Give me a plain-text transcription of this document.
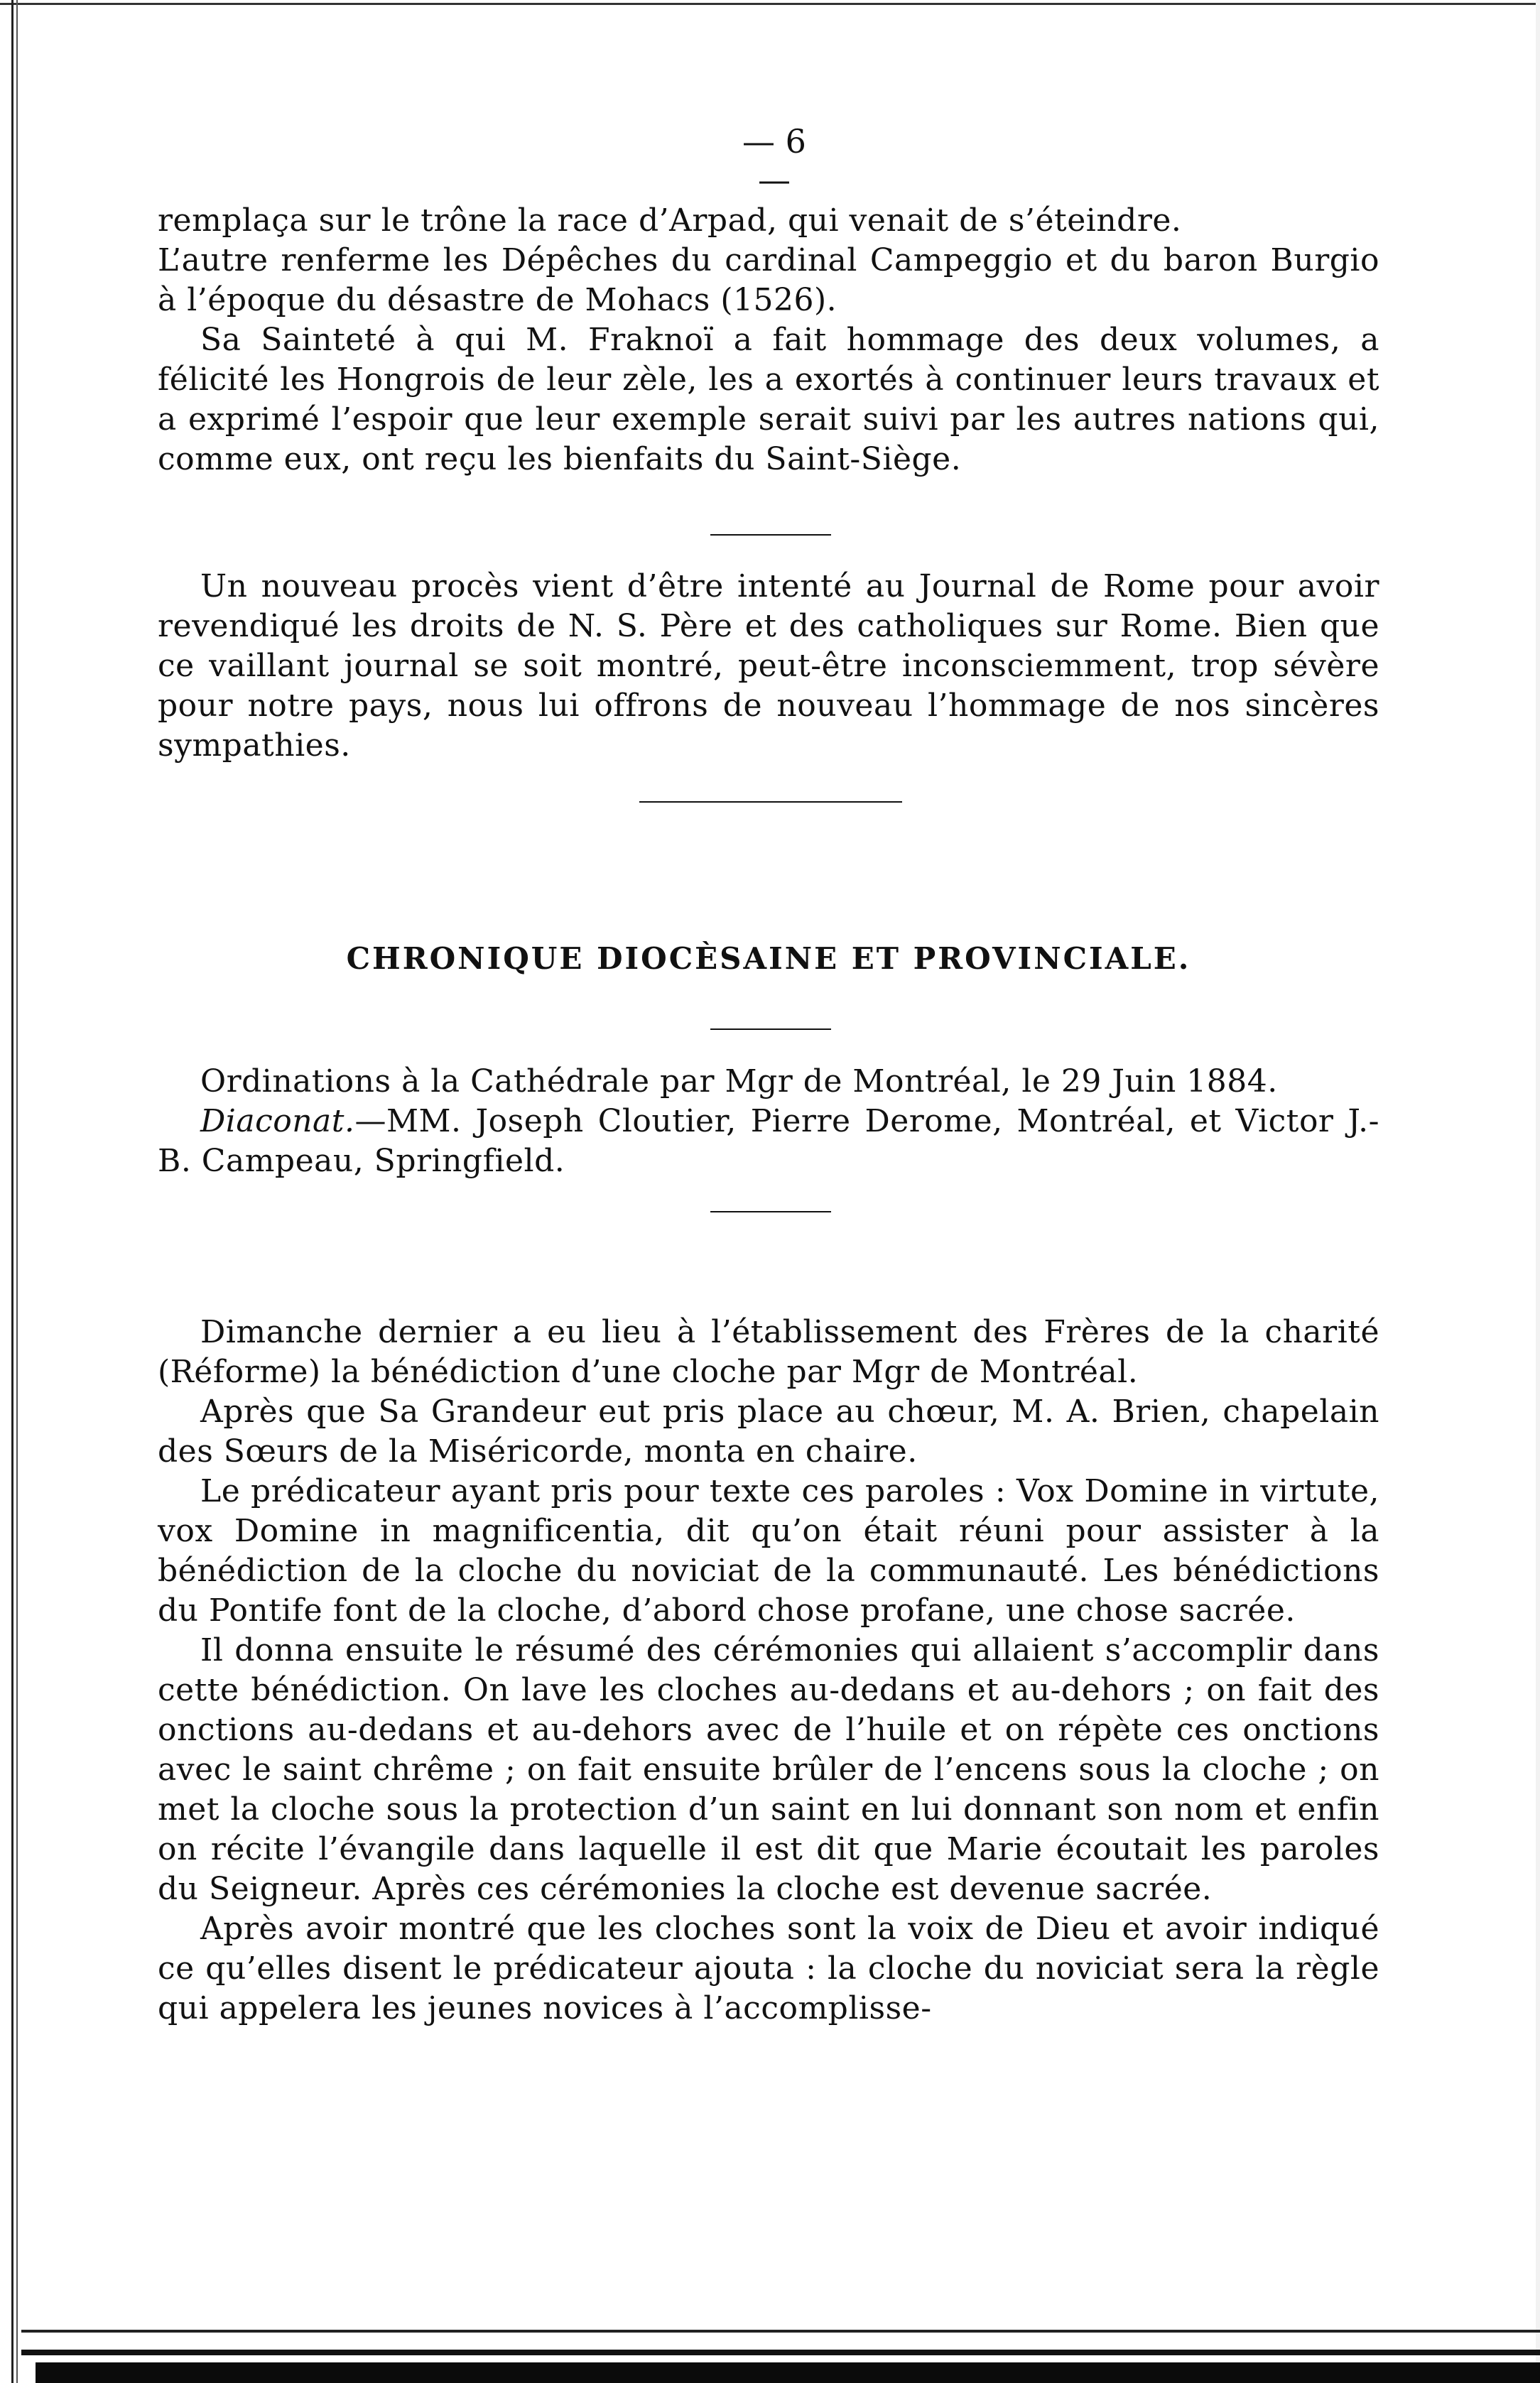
— 6 —

remplaça sur le trône la race d’Arpad, qui venait de s’éteindre.

L’autre renferme les Dépêches du cardinal Campeggio et du baron Burgio à l’époque du désastre de Mohacs (1526).

Sa Sainteté à qui M. Fraknoï a fait hommage des deux volumes, a félicité les Hongrois de leur zèle, les a exortés à continuer leurs travaux et a exprimé l’espoir que leur exemple serait suivi par les autres nations qui, comme eux, ont reçu les bienfaits du Saint-Siège.

Un nouveau procès vient d’être intenté au Journal de Rome pour avoir revendiqué les droits de N. S. Père et des catholiques sur Rome. Bien que ce vaillant journal se soit montré, peut-être inconsciemment, trop sévère pour notre pays, nous lui offrons de nouveau l’hommage de nos sincères sympathies.

CHRONIQUE DIOCÈSAINE ET PROVINCIALE.

Ordinations à la Cathédrale par Mgr de Montréal, le 29 Juin 1884.

Diaconat.—MM. Joseph Cloutier, Pierre Derome, Montréal, et Victor J.-B. Campeau, Springfield.

Dimanche dernier a eu lieu à l’établissement des Frères de la charité (Réforme) la bénédiction d’une cloche par Mgr de Montréal.

Après que Sa Grandeur eut pris place au chœur, M. A. Brien, chapelain des Sœurs de la Miséricorde, monta en chaire.

Le prédicateur ayant pris pour texte ces paroles : Vox Domine in virtute, vox Domine in magnificentia, dit qu’on était réuni pour assister à la bénédiction de la cloche du noviciat de la communauté. Les bénédictions du Pontife font de la cloche, d’abord chose profane, une chose sacrée.

Il donna ensuite le résumé des cérémonies qui allaient s’accomplir dans cette bénédiction. On lave les cloches au-dedans et au-dehors ; on fait des onctions au-dedans et au-dehors avec de l’huile et on répète ces onctions avec le saint chrême ; on fait ensuite brûler de l’encens sous la cloche ; on met la cloche sous la protection d’un saint en lui donnant son nom et enfin on récite l’évangile dans laquelle il est dit que Marie écoutait les paroles du Seigneur. Après ces cérémonies la cloche est devenue sacrée.

Après avoir montré que les cloches sont la voix de Dieu et avoir indiqué ce qu’elles disent le prédicateur ajouta : la cloche du noviciat sera la règle qui appelera les jeunes novices à l’accomplisse-
